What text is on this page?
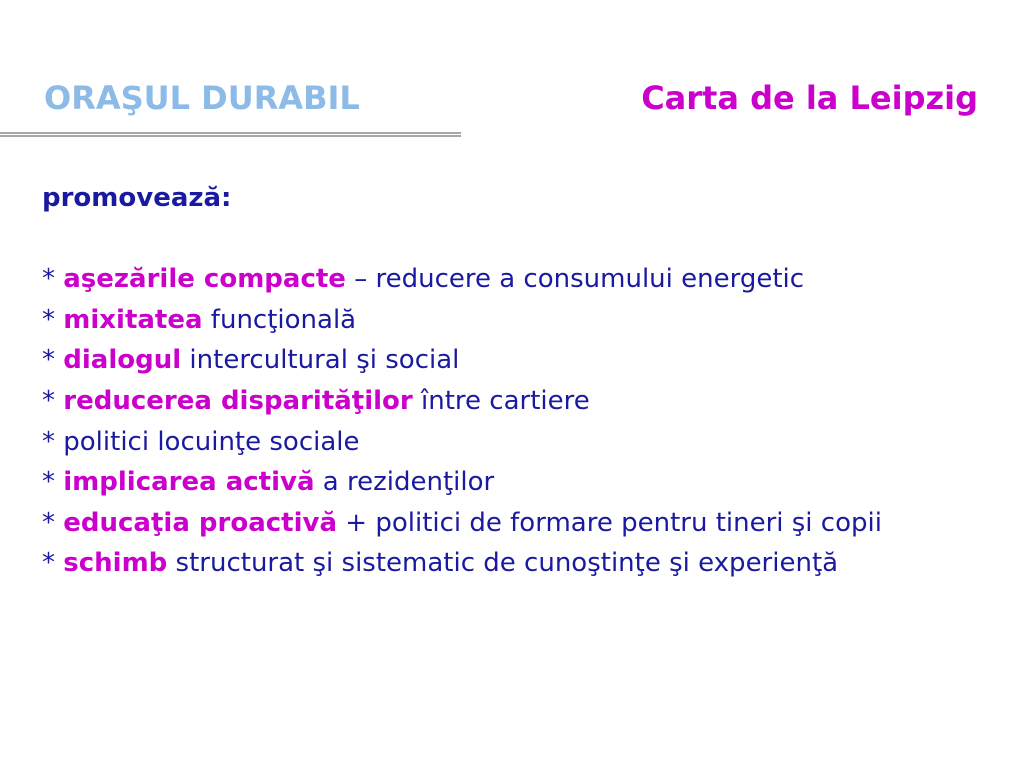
ORAŞUL DURABIL	Carta de la Leipzig
promovează:
* aşezările compacte – reducere a consumului energetic
* mixitatea funcţională
* dialogul intercultural şi social
* reducerea disparităţilor între cartiere
* politici locuinţe sociale
* implicarea activă a rezidenţilor
* educaţia proactivă + politici de formare pentru tineri şi copii
* schimb structurat şi sistematic de cunoştinţe şi experienţă
